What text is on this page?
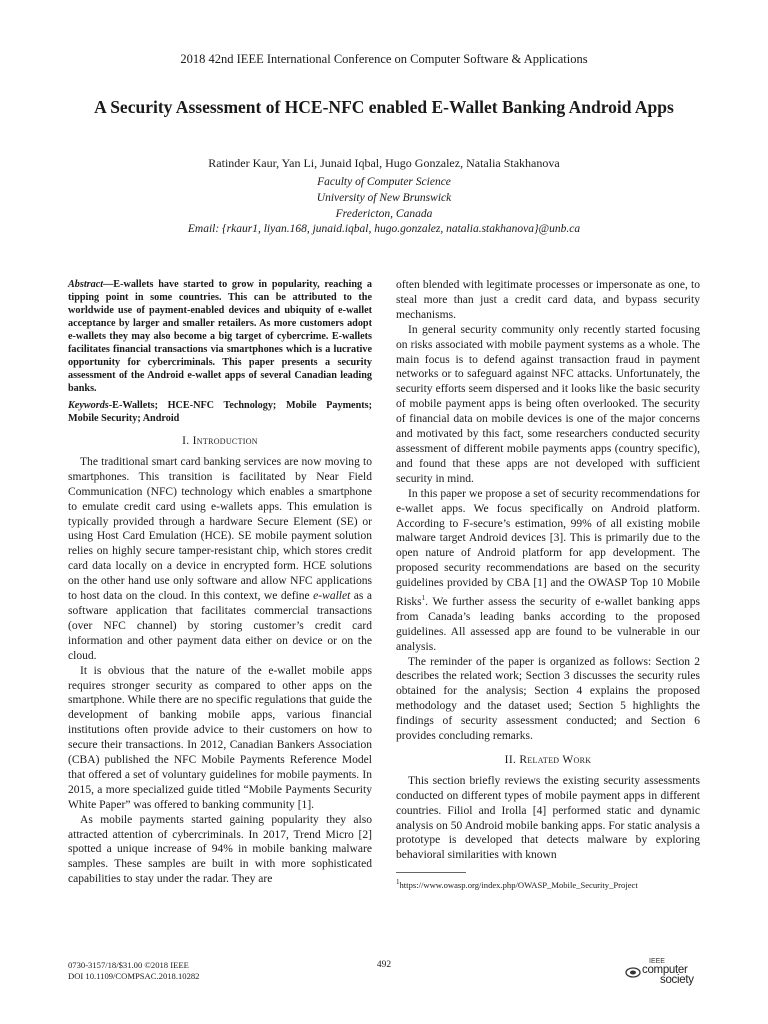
2018 42nd IEEE International Conference on Computer Software & Applications
A Security Assessment of HCE-NFC enabled E-Wallet Banking Android Apps
Ratinder Kaur, Yan Li, Junaid Iqbal, Hugo Gonzalez, Natalia Stakhanova
Faculty of Computer Science
University of New Brunswick
Fredericton, Canada
Email: {rkaur1, liyan.168, junaid.iqbal, hugo.gonzalez, natalia.stakhanova}@unb.ca
Abstract—E-wallets have started to grow in popularity, reaching a tipping point in some countries. This can be attributed to the worldwide use of payment-enabled devices and ubiquity of e-wallet acceptance by larger and smaller retailers. As more customers adopt e-wallets they may also become a big target of cybercrime. E-wallets facilitates financial transactions via smartphones which is a lucrative opportunity for cybercriminals. This paper presents a security assessment of the Android e-wallet apps of several Canadian leading banks.
Keywords-E-Wallets; HCE-NFC Technology; Mobile Payments; Mobile Security; Android
I. Introduction

The traditional smart card banking services are now moving to smartphones. This transition is facilitated by Near Field Communication (NFC) technology which enables a smartphone to emulate credit card using e-wallets apps. This emulation is typically provided through a hardware Secure Element (SE) or using Host Card Emulation (HCE). SE mobile payment solution relies on highly secure tamper-resistant chip, which stores credit card data locally on a device in encrypted form. HCE solutions on the other hand use only software and allow NFC applications to host data on the cloud. In this context, we define e-wallet as a software application that facilitates commercial transactions (over NFC channel) by storing customer’s credit card information and other payment data either on device or on the cloud.

It is obvious that the nature of the e-wallet mobile apps requires stronger security as compared to other apps on the smartphone. While there are no specific regulations that guide the development of banking mobile apps, various financial institutions often provide advice to their customers on how to secure their transactions. In 2012, Canadian Bankers Association (CBA) published the NFC Mobile Payments Reference Model that offered a set of voluntary guidelines for mobile payments. In 2015, a more specialized guide titled “Mobile Payments Security White Paper” was offered to banking community [1].

As mobile payments started gaining popularity they also attracted attention of cybercriminals. In 2017, Trend Micro [2] spotted a unique increase of 94% in mobile banking malware samples. These samples are built in with more sophisticated capabilities to stay under the radar. They are

often blended with legitimate processes or impersonate as one, to steal more than just a credit card data, and bypass security mechanisms.

In general security community only recently started focusing on risks associated with mobile payment systems as a whole. The main focus is to defend against transaction fraud in payment networks or to safeguard against NFC attacks. Unfortunately, the security efforts seem dispersed and it looks like the basic security of mobile payment apps is being often overlooked. The security of financial data on mobile devices is one of the major concerns and motivated by this fact, some researchers conducted security assessment of different mobile payments apps (country specific), and found that these apps are not developed with sufficient security in mind.

In this paper we propose a set of security recommendations for e-wallet apps. We focus specifically on Android platform. According to F-secure’s estimation, 99% of all existing mobile malware target Android devices [3]. This is primarily due to the open nature of Android platform for app development. The proposed security recommendations are based on the security guidelines provided by CBA [1] and the OWASP Top 10 Mobile Risks$^1$. We further assess the security of e-wallet banking apps from Canada’s leading banks according to the proposed guidelines. All assessed app are found to be vulnerable in our analysis.

The reminder of the paper is organized as follows: Section 2 describes the related work; Section 3 discusses the security rules obtained for the analysis; Section 4 explains the proposed methodology and the dataset used; Section 5 highlights the findings of security assessment conducted; and Section 6 provides concluding remarks.

II. Related Work

This section briefly reviews the existing security assessments conducted on different types of mobile payment apps in different countries. Filiol and Irolla [4] performed static and dynamic analysis on 50 Android mobile banking apps. For static analysis a prototype is developed that detects malware by exploring behavioral similarities with known

$^1$https://www.owasp.org/index.php/OWASP_Mobile_Security_Project
0730-3157/18/$31.00 ©2018 IEEE
DOI 10.1109/COMPSAC.2018.10282
492	IEEE
computer
society
